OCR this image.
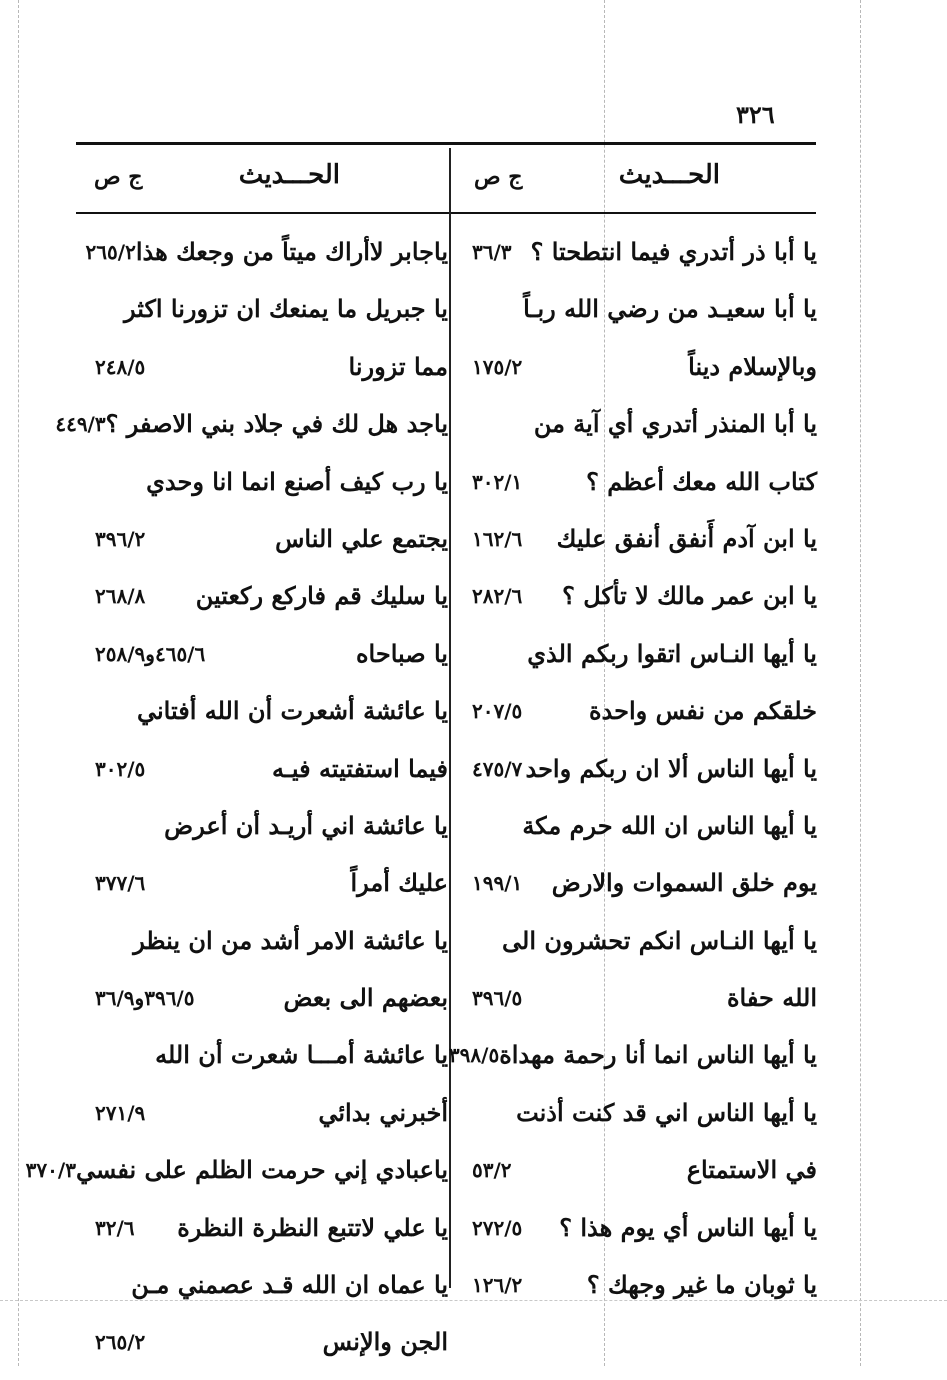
٣٢٦
الحـــديث
ج ص
الحـــديث
ج ص
يا أبا ذر أتدري فيما انتطحتا ؟
٣٦/٣
يا أبا سعيـد من رضي الله ربـاً
وبالإسلام ديناً
١٧٥/٢
يا أبا المنذر أتدري أي آية من
كتاب الله معك أعظم ؟
٣٠٢/١
يا ابن آدم أَنفق أنفق عليك
١٦٢/٦
يا ابن عمر مالك لا تأكل ؟
٢٨٢/٦
يا أيها النـاس اتقوا ربكم الذي
خلقكم من نفس واحدة
٢٠٧/٥
يا أيها الناس ألا ان ربكم واحد
٤٧٥/٧
يا أيها الناس ان الله حرم مكة
يوم خلق السموات والارض
١٩٩/١
يا أيها النـاس انكم تحشرون الى
الله حفاة
٣٩٦/٥
يا أيها الناس انما أنا رحمة مهداة
٣٩٨/٥
يا أيها الناس اني قد كنت أذنت
في الاستمتاع
٥٣/٢
يا أيها الناس أي يوم هذا ؟
٢٧٢/٥
يا ثوبان ما غير وجهك ؟
١٢٦/٢
ياجابر لاأراك ميتاً من وجعك هذا
٢٦٥/٢
يا جبريل ما يمنعك ان تزورنا اكثر
مما تزورنا
٢٤٨/٥
ياجد هل لك في جلاد بني الاصفر ؟
٤٤٩/٣
يا رب كيف أصنع انما انا وحدي
يجتمع علي الناس
٣٩٦/٢
يا سليك قم فاركع ركعتين
٢٦٨/٨
يا صباحاه
٤٦٥/٦و٢٥٨/٩
يا عائشة أشعرت أن الله أفتاني
فيما استفتيته فيـه
٣٠٢/٥
يا عائشة اني أريـد أن أعرض
عليك أمراً
٣٧٧/٦
يا عائشة الامر أشد من ان ينظر
بعضهم الى بعض
٣٩٦/٥و٣٦/٩
يا عائشة أمـــا شعرت أن الله
أخبرني بدائي
٢٧١/٩
ياعبادي إني حرمت الظلم على نفسي
٣٧٠/٣
يا علي لاتتبع النظرة النظرة
٣٢/٦
يا عماه ان الله قـد عصمني مـن
الجن والإنس
٢٦٥/٢
